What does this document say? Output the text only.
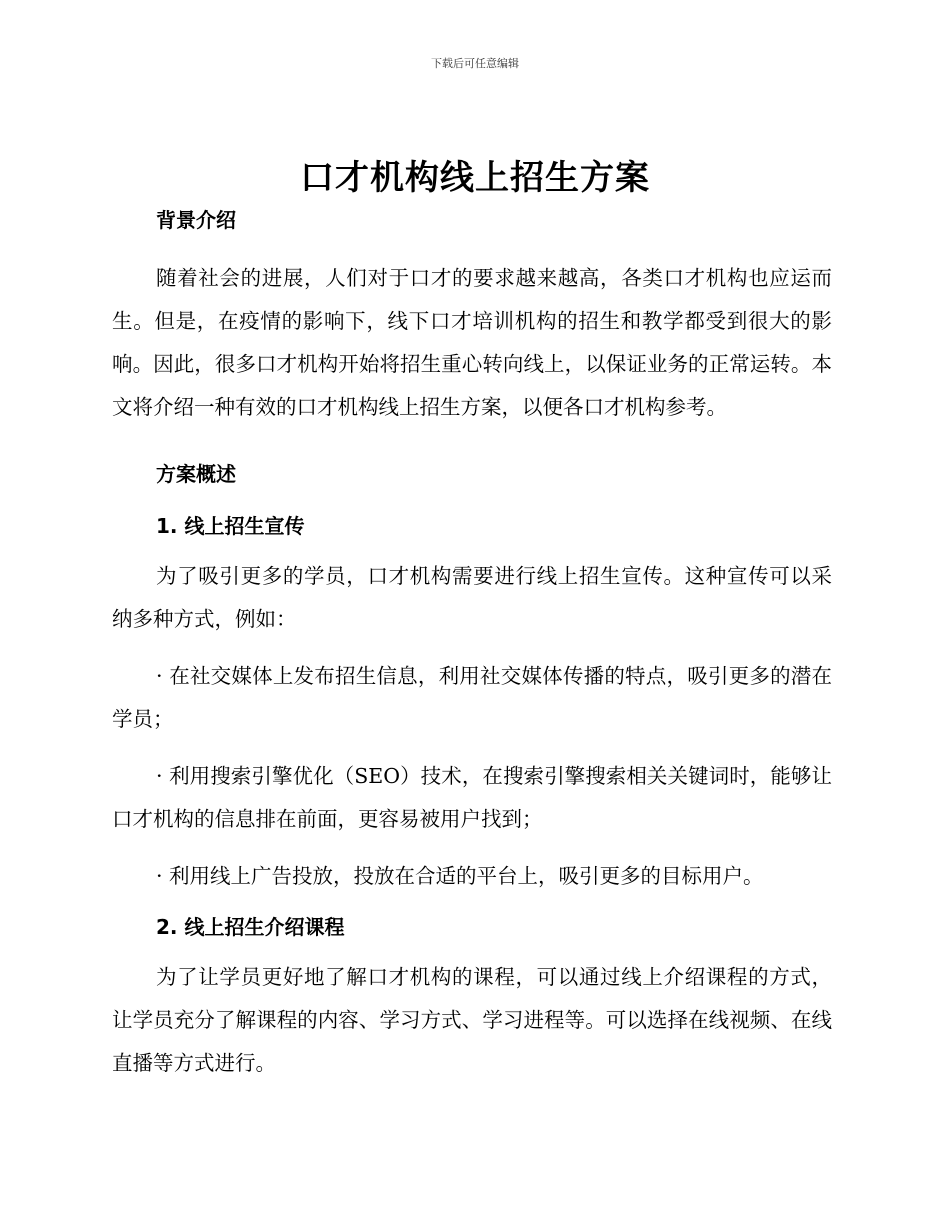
下载后可任意编辑
口才机构线上招生方案
背景介绍

随着社会的进展，人们对于口才的要求越来越高，各类口才机构也应运而生。但是，在疫情的影响下，线下口才培训机构的招生和教学都受到很大的影响。因此，很多口才机构开始将招生重心转向线上，以保证业务的正常运转。本文将介绍一种有效的口才机构线上招生方案，以便各口才机构参考。

方案概述
1. 线上招生宣传

为了吸引更多的学员，口才机构需要进行线上招生宣传。这种宣传可以采纳多种方式，例如：

· 在社交媒体上发布招生信息，利用社交媒体传播的特点，吸引更多的潜在学员；

· 利用搜索引擎优化（SEO）技术，在搜索引擎搜索相关关键词时，能够让口才机构的信息排在前面，更容易被用户找到；

· 利用线上广告投放，投放在合适的平台上，吸引更多的目标用户。

2. 线上招生介绍课程

为了让学员更好地了解口才机构的课程，可以通过线上介绍课程的方式，让学员充分了解课程的内容、学习方式、学习进程等。可以选择在线视频、在线直播等方式进行。
